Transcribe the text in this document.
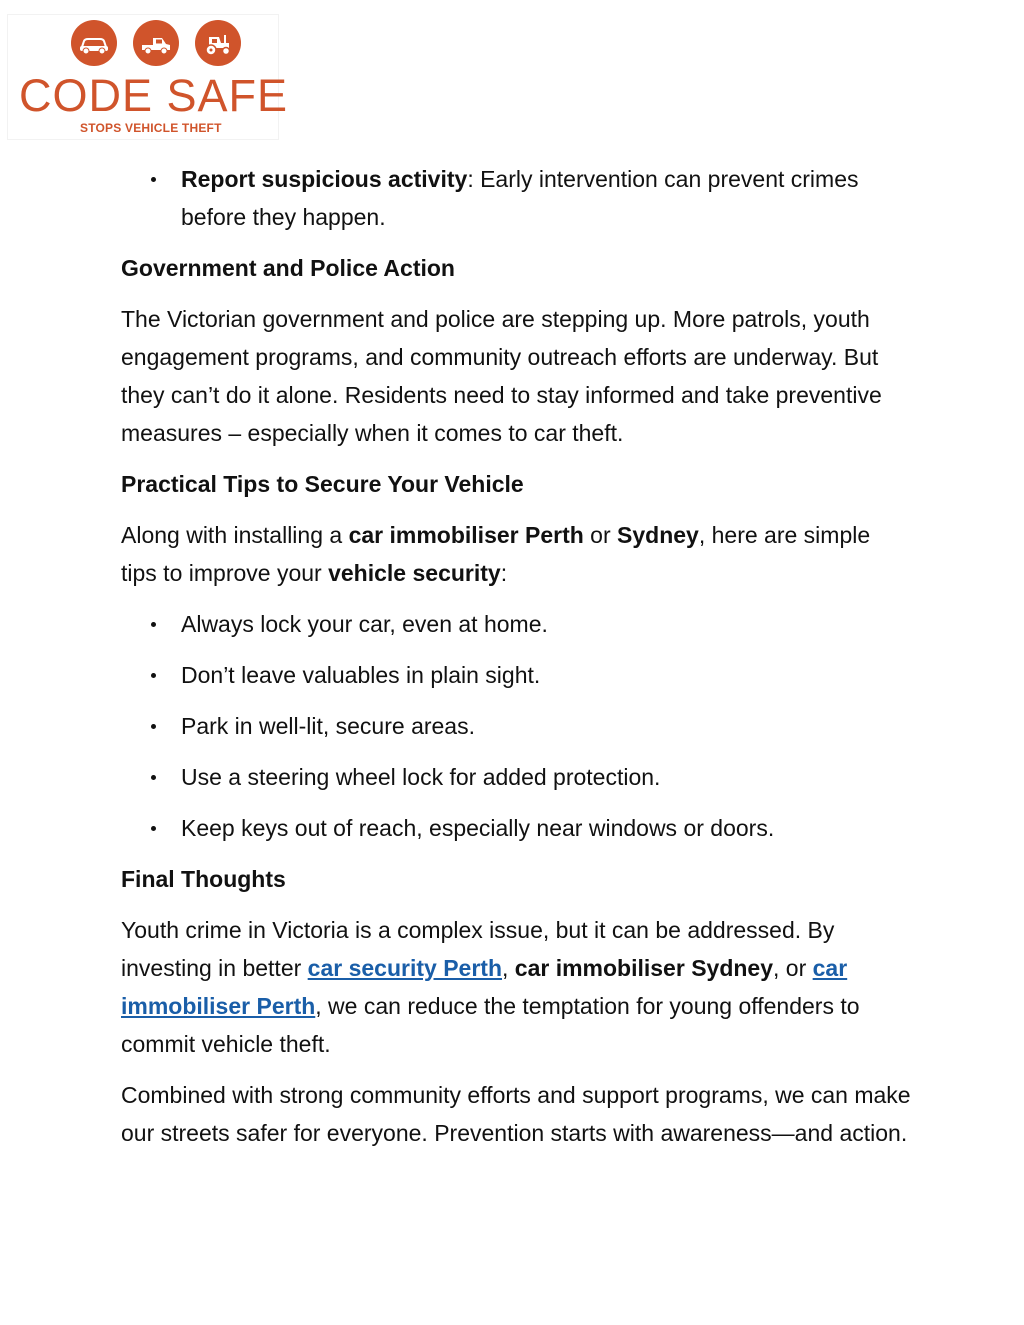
CODE SAFE
STOPS VEHICLE THEFT
Report suspicious activity: Early intervention can prevent crimes before they happen.
Government and Police Action

The Victorian government and police are stepping up. More patrols, youth engagement programs, and community outreach efforts are underway. But they can’t do it alone. Residents need to stay informed and take preventive measures – especially when it comes to car theft.

Practical Tips to Secure Your Vehicle

Along with installing a car immobiliser Perth or Sydney, here are simple tips to improve your vehicle security:

Always lock your car, even at home.
Don’t leave valuables in plain sight.
Park in well-lit, secure areas.
Use a steering wheel lock for added protection.
Keep keys out of reach, especially near windows or doors.
Final Thoughts

Youth crime in Victoria is a complex issue, but it can be addressed. By investing in better car security Perth, car immobiliser Sydney, or car immobiliser Perth, we can reduce the temptation for young offenders to commit vehicle theft.

Combined with strong community efforts and support programs, we can make our streets safer for everyone. Prevention starts with awareness—and action.
